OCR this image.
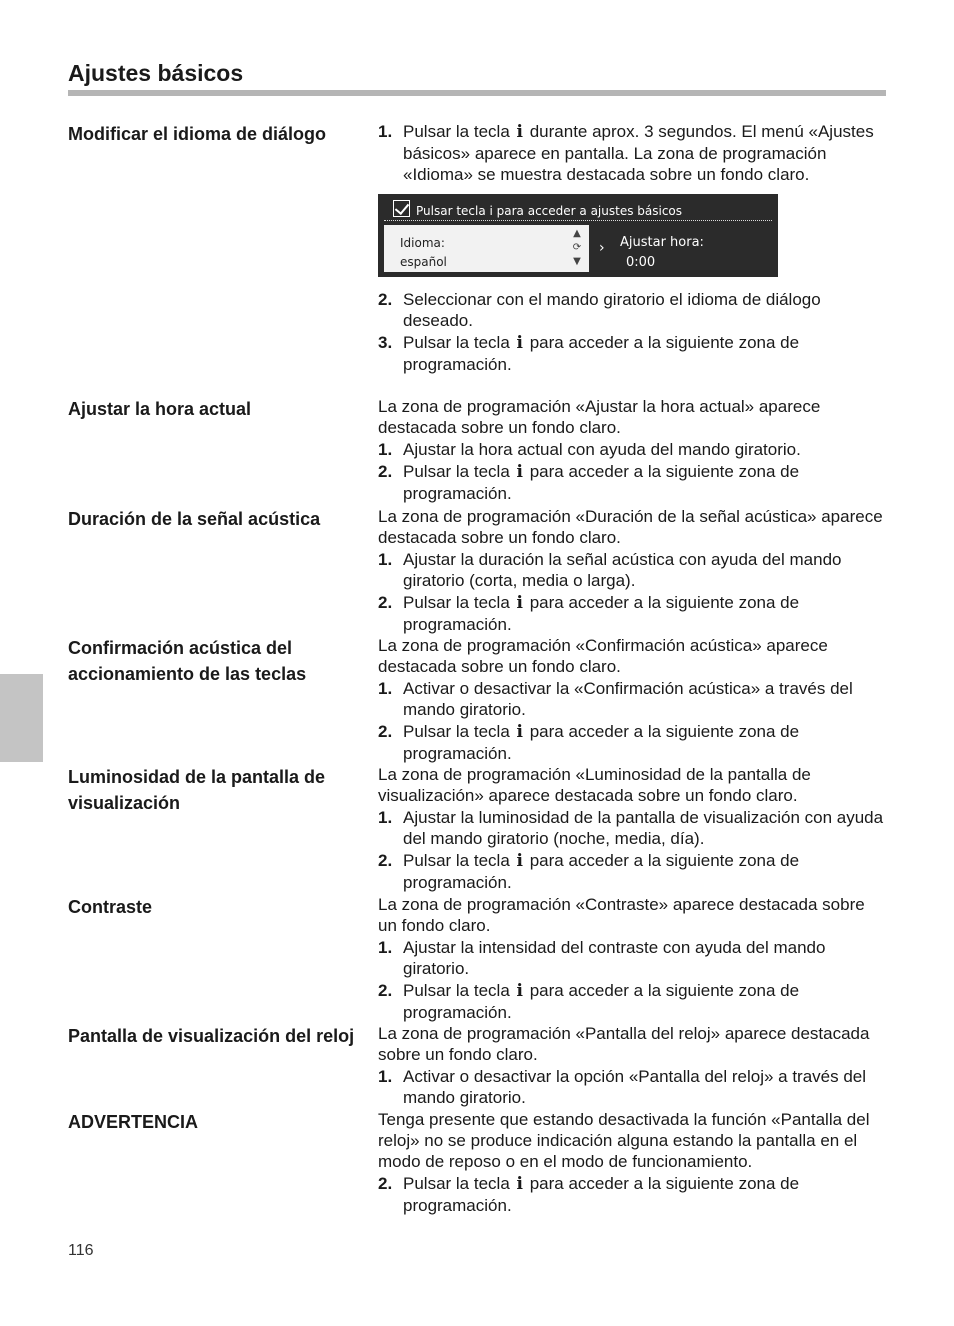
Ajustes básicos
Modificar el idioma de diálogo	1. Pulsar la tecla i durante aprox. 3 segundos. El menú «Ajustes básicos» aparece en pantalla. La zona de programación «Idioma» se muestra destacada sobre un fondo claro.
Pulsar tecla i para acceder a ajustes básicos
Idioma:
español
▲
⟳
▼
› Ajustar hora:
0:00
2. Seleccionar con el mando giratorio el idioma de diálogo deseado.
3. Pulsar la tecla i para acceder a la siguiente zona de programación.
Ajustar la hora actual	La zona de programación «Ajustar la hora actual» aparece destacada sobre un fondo claro.

1. Ajustar la hora actual con ayuda del mando giratorio.
2. Pulsar la tecla i para acceder a la siguiente zona de programación.
Duración de la señal acústica	La zona de programación «Duración de la señal acústica» aparece destacada sobre un fondo claro.

1. Ajustar la duración la señal acústica con ayuda del mando giratorio (corta, media o larga).
2. Pulsar la tecla i para acceder a la siguiente zona de programación.
Confirmación acústica del accionamiento de las teclas

La zona de programación «Confirmación acústica» aparece destacada sobre un fondo claro.

1. Activar o desactivar la «Confirmación acústica» a través del mando giratorio.
2. Pulsar la tecla i para acceder a la siguiente zona de programación.
Luminosidad de la pantalla de visualización

La zona de programación «Luminosidad de la pantalla de visualización» aparece destacada sobre un fondo claro.

1. Ajustar la luminosidad de la pantalla de visualización con ayuda del mando giratorio (noche, media, día).
2. Pulsar la tecla i para acceder a la siguiente zona de programación.
Contraste	La zona de programación «Contraste» aparece destacada sobre un fondo claro.

1. Ajustar la intensidad del contraste con ayuda del mando giratorio.
2. Pulsar la tecla i para acceder a la siguiente zona de programación.
Pantalla de visualización del reloj	La zona de programación «Pantalla del reloj» aparece destacada sobre un fondo claro.

1. Activar o desactivar la opción «Pantalla del reloj» a través del mando giratorio.
ADVERTENCIA	Tenga presente que estando desactivada la función «Pantalla del reloj» no se produce indicación alguna estando la pantalla en el modo de reposo o en el modo de funcionamiento.

2. Pulsar la tecla i para acceder a la siguiente zona de programación.
116
